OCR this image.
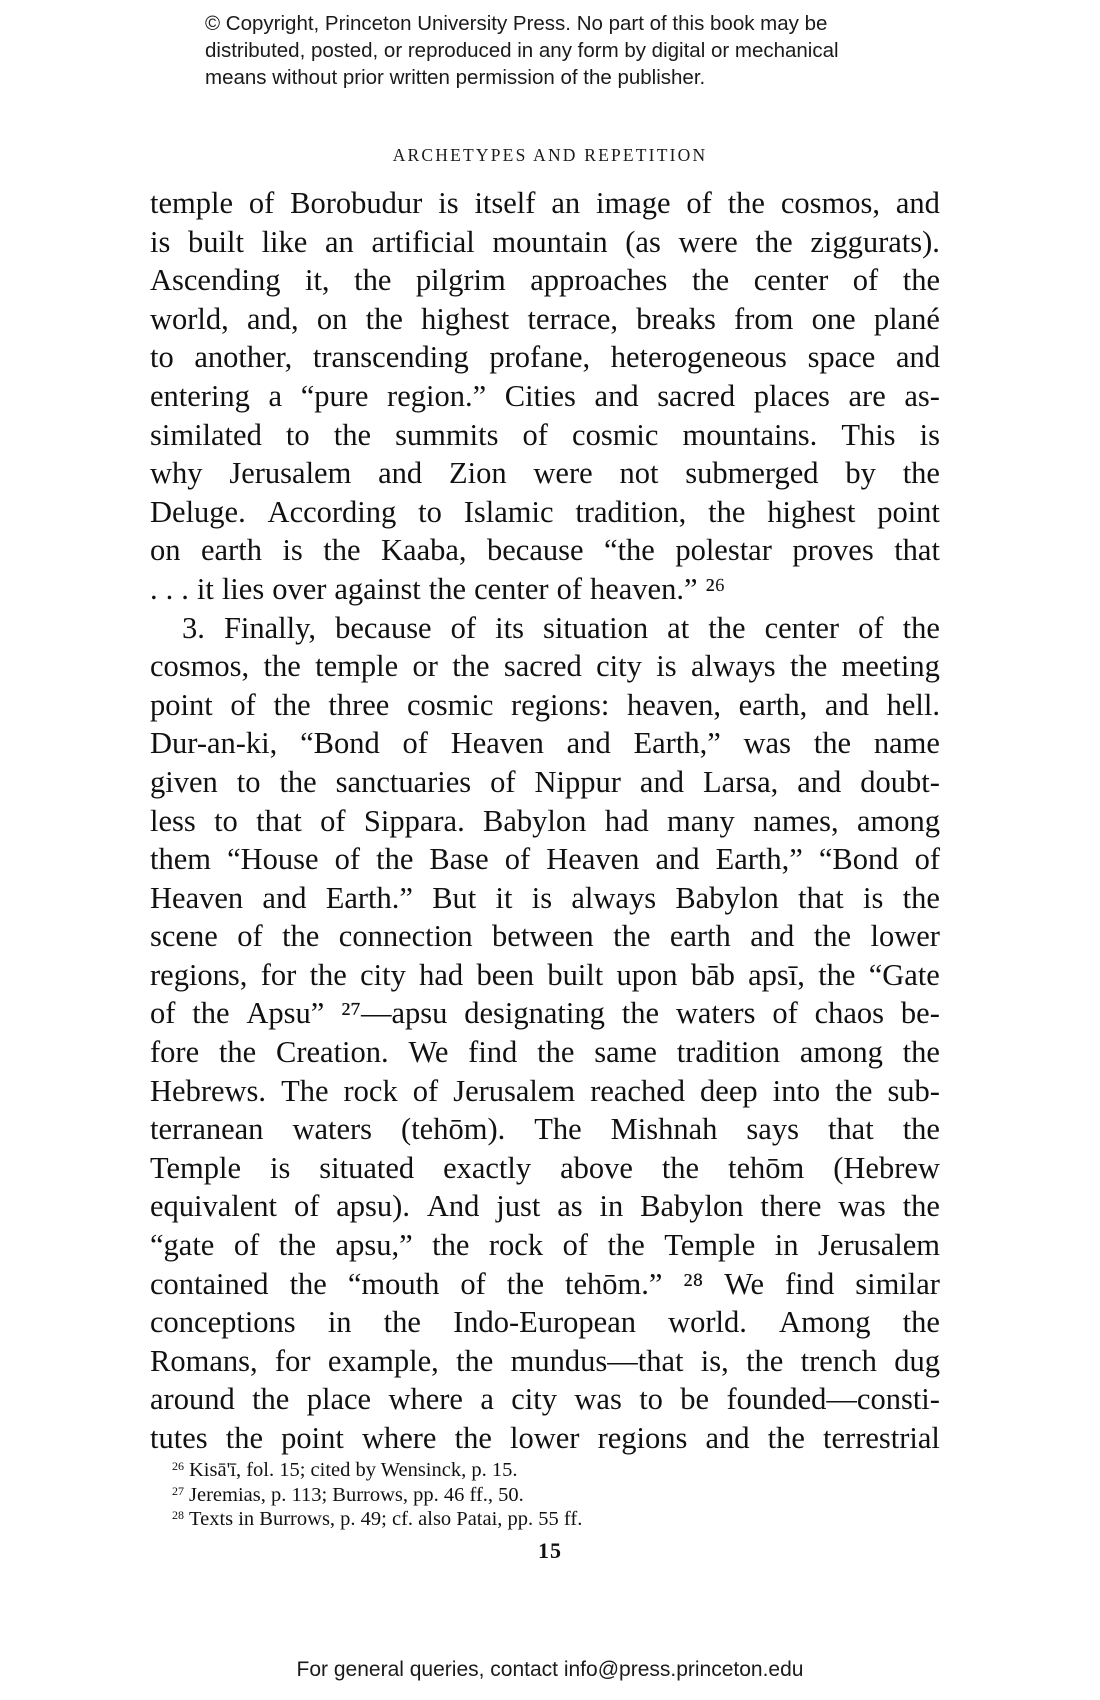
© Copyright, Princeton University Press. No part of this book may be
distributed, posted, or reproduced in any form by digital or mechanical
means without prior written permission of the publisher.
ARCHETYPES AND REPETITION
temple of Borobudur is itself an image of the cosmos, and
is built like an artificial mountain (as were the ziggurats).
Ascending it, the pilgrim approaches the center of the
world, and, on the highest terrace, breaks from one plané
to another, transcending profane, heterogeneous space and
entering a “pure region.” Cities and sacred places are as-
similated to the summits of cosmic mountains. This is
why Jerusalem and Zion were not submerged by the
Deluge. According to Islamic tradition, the highest point
on earth is the Kaaba, because “the polestar proves that
. . . it lies over against the center of heaven.” ²⁶
3. Finally, because of its situation at the center of the
cosmos, the temple or the sacred city is always the meeting
point of the three cosmic regions: heaven, earth, and hell.
Dur-an-ki, “Bond of Heaven and Earth,” was the name
given to the sanctuaries of Nippur and Larsa, and doubt-
less to that of Sippara. Babylon had many names, among
them “House of the Base of Heaven and Earth,” “Bond of
Heaven and Earth.” But it is always Babylon that is the
scene of the connection between the earth and the lower
regions, for the city had been built upon bāb apsī, the “Gate
of the Apsu” ²⁷—apsu designating the waters of chaos be-
fore the Creation. We find the same tradition among the
Hebrews. The rock of Jerusalem reached deep into the sub-
terranean waters (tehōm). The Mishnah says that the
Temple is situated exactly above the tehōm (Hebrew
equivalent of apsu). And just as in Babylon there was the
“gate of the apsu,” the rock of the Temple in Jerusalem
contained the “mouth of the tehōm.” ²⁸ We find similar
conceptions in the Indo-European world. Among the
Romans, for example, the mundus—that is, the trench dug
around the place where a city was to be founded—consti-
tutes the point where the lower regions and the terrestrial
$^{26}$ Kisā'ī, fol. 15; cited by Wensinck, p. 15.
$^{27}$ Jeremias, p. 113; Burrows, pp. 46 ff., 50.
$^{28}$ Texts in Burrows, p. 49; cf. also Patai, pp. 55 ff.
15
For general queries, contact info@press.princeton.edu
